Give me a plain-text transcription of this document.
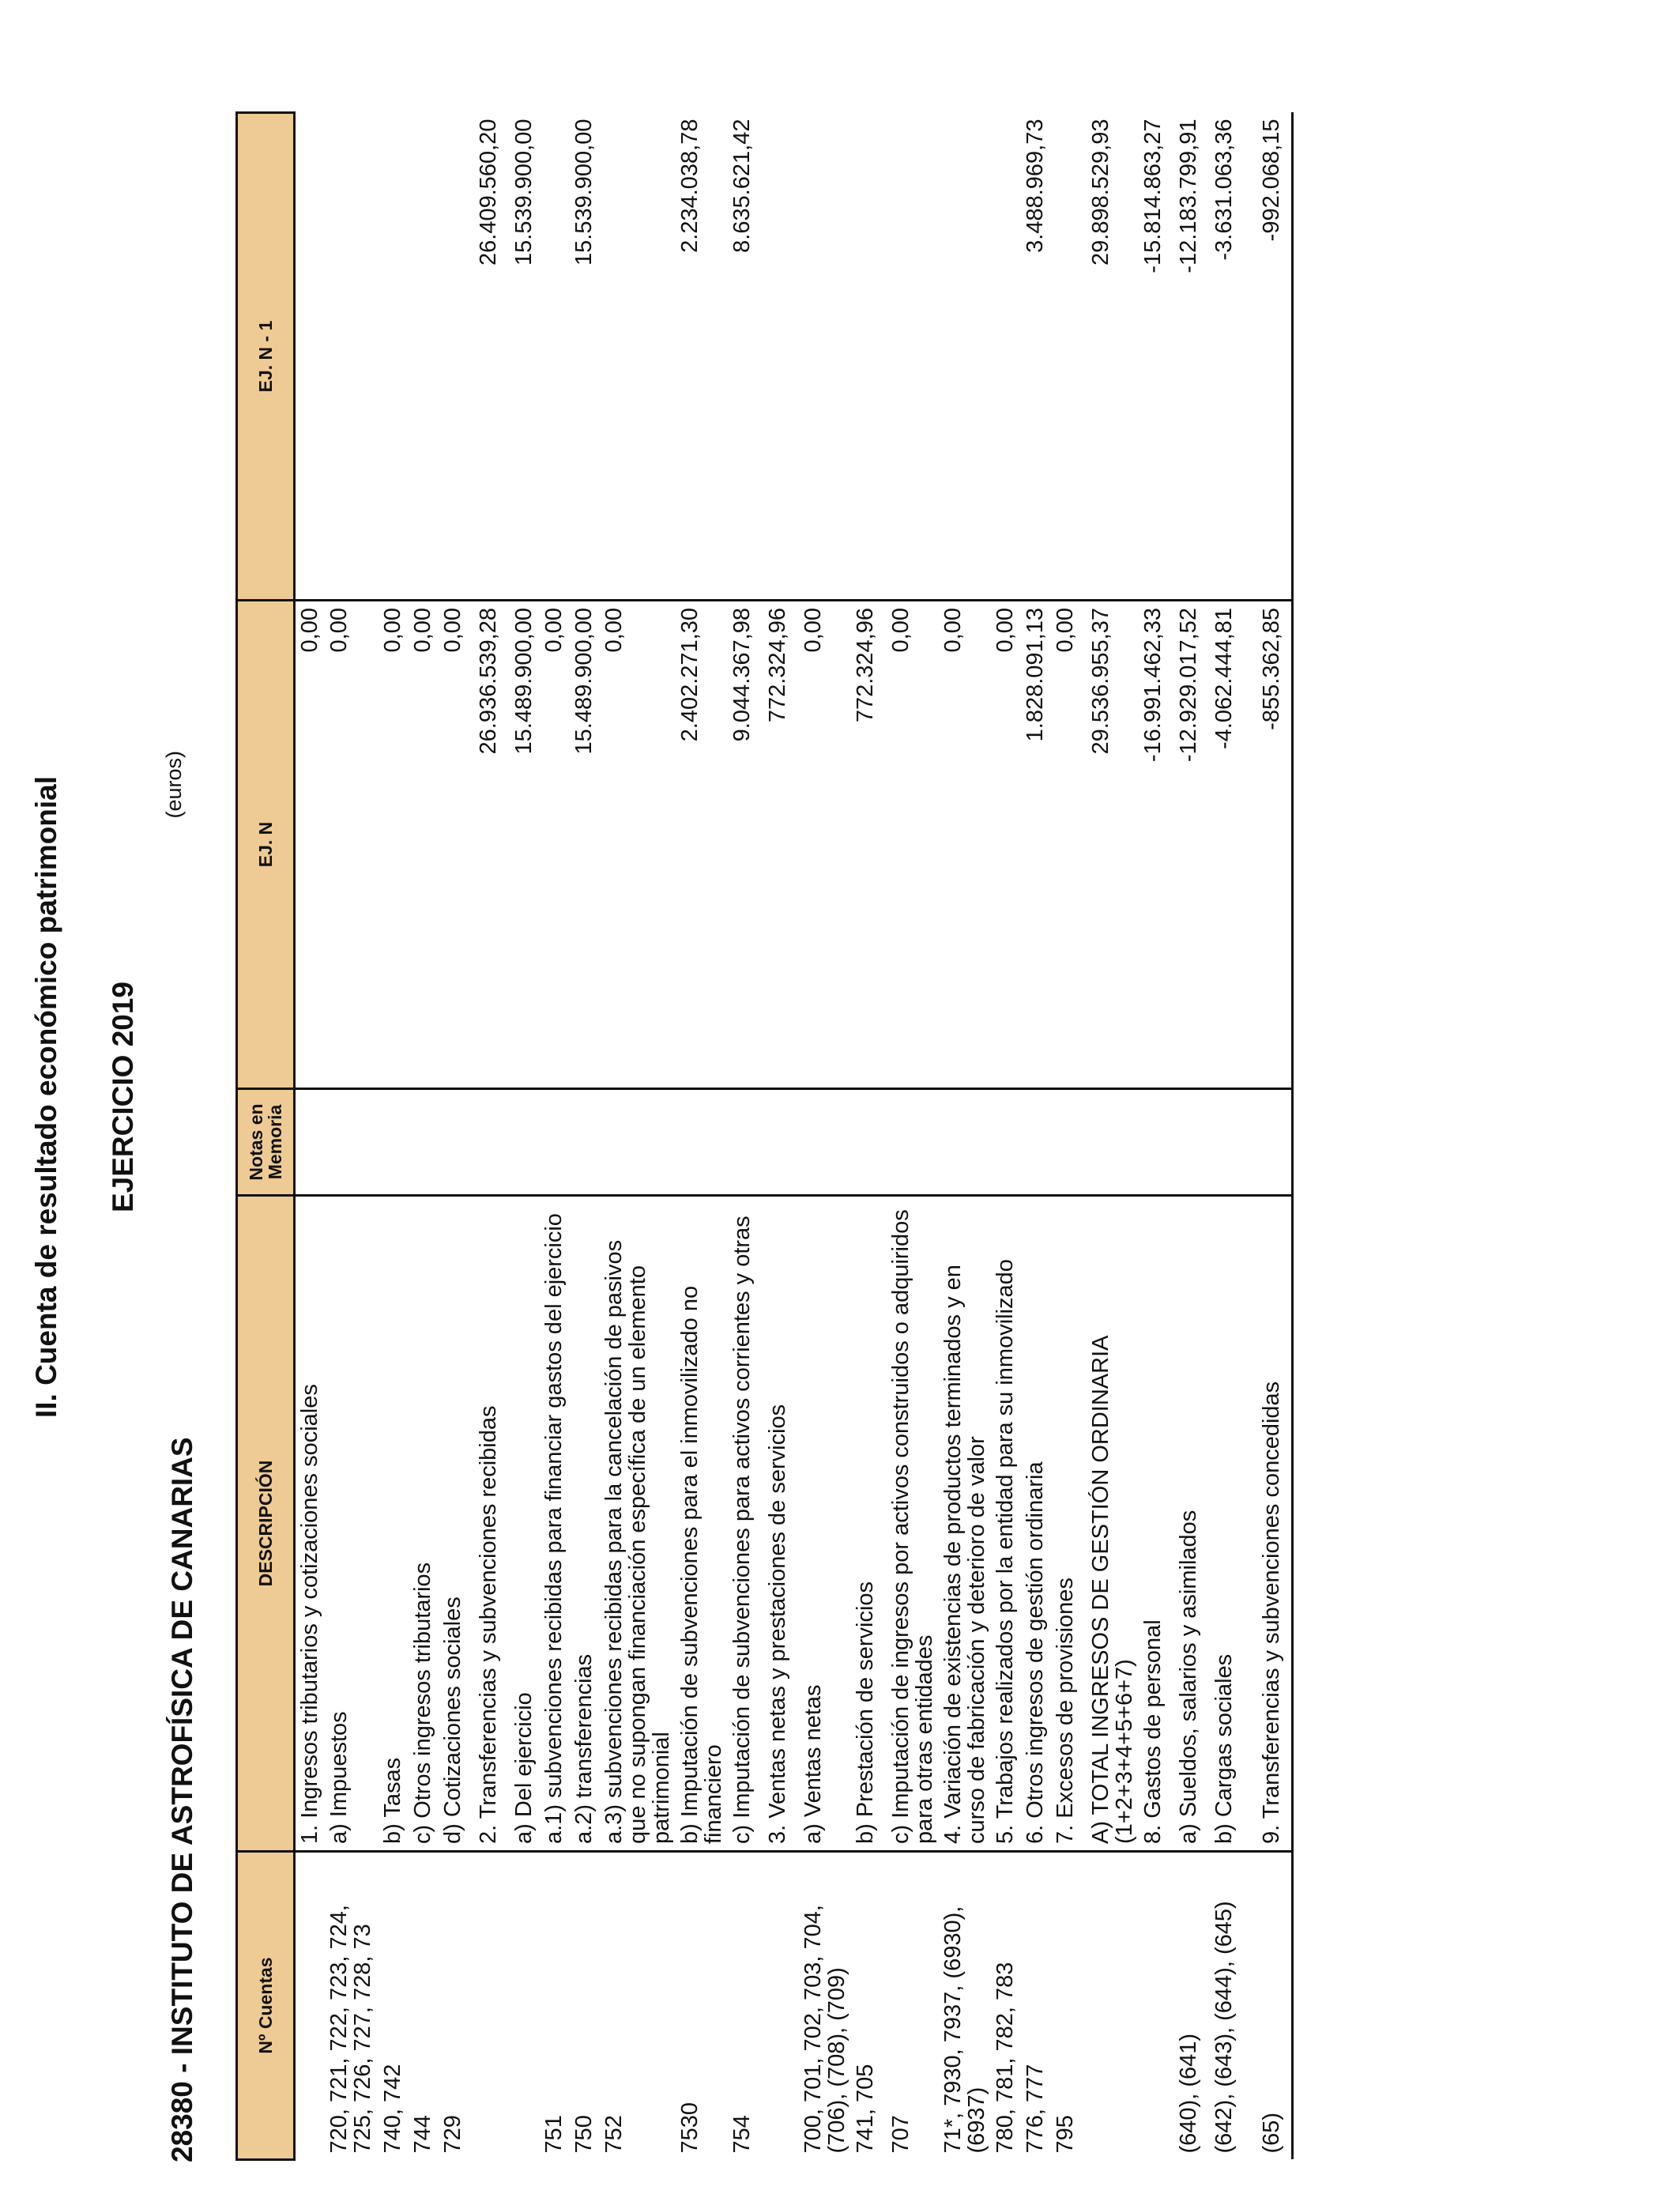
II. Cuenta de resultado económico patrimonial EJERCICIO 2019
28380 - INSTITUTO DE ASTROFÍSICA DE CANARIAS
(euros)
Nº Cuentas	DESCRIPCIÓN	Notas en Memoria	EJ. N	EJ. N - 1
	1. Ingresos tributarios y cotizaciones sociales		0,00	
720, 721, 722, 723, 724, 725, 726, 727, 728, 73	a) Impuestos		0,00	
740, 742	b) Tasas		0,00	
744	c) Otros ingresos tributarios		0,00	
729	d) Cotizaciones sociales		0,00	
	2. Transferencias y subvenciones recibidas		26.936.539,28	26.409.560,20
	a) Del ejercicio		15.489.900,00	15.539.900,00
751	a.1) subvenciones recibidas para financiar gastos del ejercicio		0,00	
750	a.2) transferencias		15.489.900,00	15.539.900,00
752	a.3) subvenciones recibidas para la cancelación de pasivos que no supongan financiación específica de un elemento patrimonial		0,00	
7530	b) Imputación de subvenciones para el inmovilizado no financiero		2.402.271,30	2.234.038,78
754	c) Imputación de subvenciones para activos corrientes y otras		9.044.367,98	8.635.621,42
	3. Ventas netas y prestaciones de servicios		772.324,96	
700, 701, 702, 703, 704, (706), (708), (709)	a) Ventas netas		0,00	
741, 705	b) Prestación de servicios		772.324,96	
707	c) Imputación de ingresos por activos construidos o adquiridos para otras entidades		0,00	
71*, 7930, 7937, (6930), (6937)	4. Variación de existencias de productos terminados y en curso de fabricación y deterioro de valor		0,00	
780, 781, 782, 783	5. Trabajos realizados por la entidad para su inmovilizado		0,00	
776, 777	6. Otros ingresos de gestión ordinaria		1.828.091,13	3.488.969,73
795	7. Excesos de provisiones		0,00	
	A) TOTAL INGRESOS DE GESTIÓN ORDINARIA (1+2+3+4+5+6+7)		29.536.955,37	29.898.529,93
	8. Gastos de personal		-16.991.462,33	-15.814.863,27
(640), (641)	a) Sueldos, salarios y asimilados		-12.929.017,52	-12.183.799,91
(642), (643), (644), (645)	b) Cargas sociales		-4.062.444,81	-3.631.063,36
(65)	9. Transferencias y subvenciones concedidas		-855.362,85	-992.068,15
